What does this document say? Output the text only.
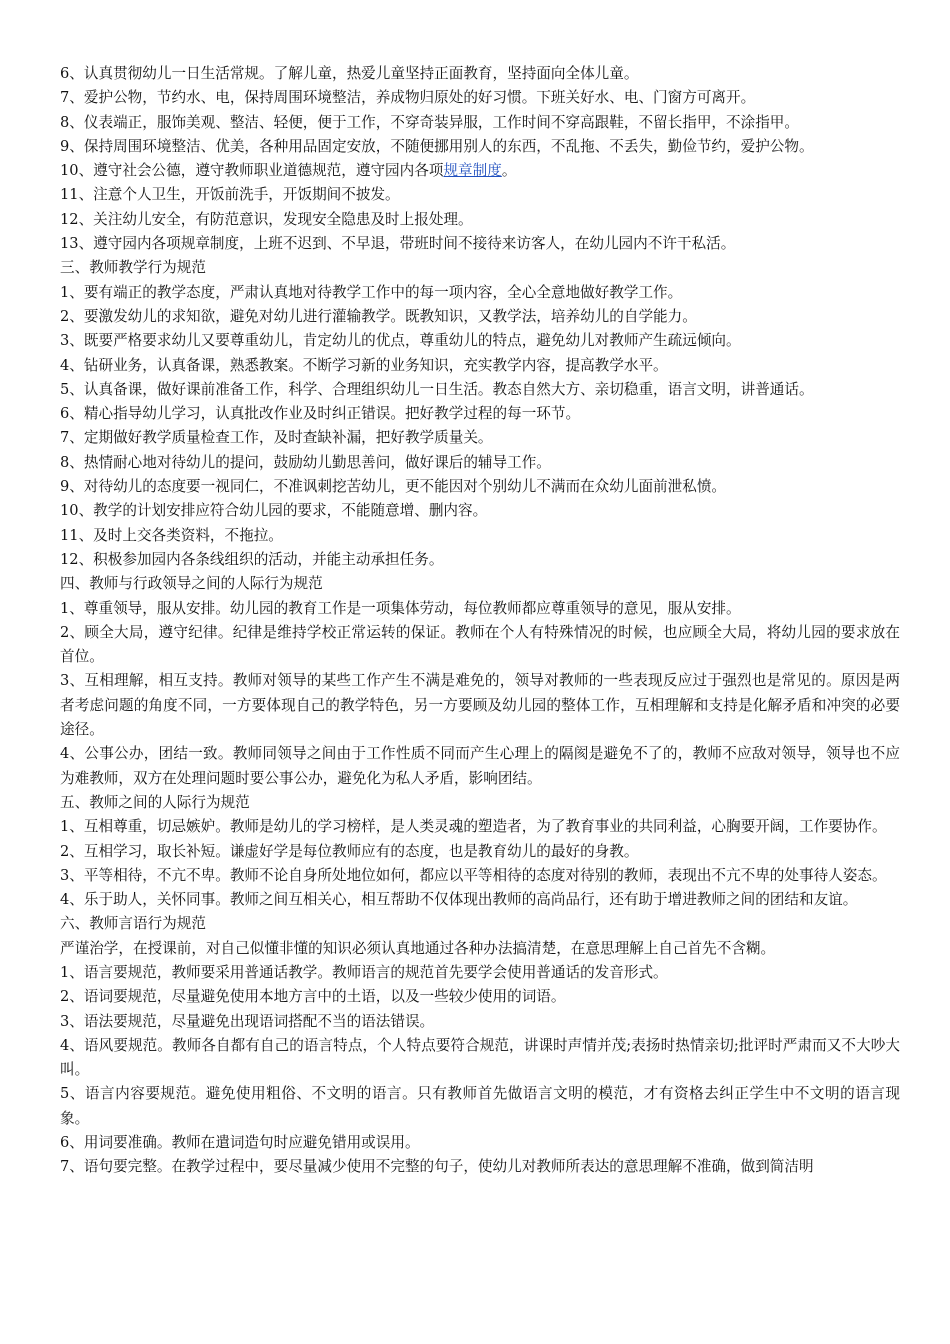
6、认真贯彻幼儿一日生活常规。了解儿童，热爱儿童坚持正面教育，坚持面向全体儿童。

7、爱护公物，节约水、电，保持周围环境整洁，养成物归原处的好习惯。下班关好水、电、门窗方可离开。

8、仪表端正，服饰美观、整洁、轻便，便于工作，不穿奇装异服，工作时间不穿高跟鞋，不留长指甲，不涂指甲。

9、保持周围环境整洁、优美，各种用品固定安放，不随便挪用别人的东西，不乱拖、不丢失，勤俭节约，爱护公物。

10、遵守社会公德，遵守教师职业道德规范，遵守园内各项规章制度。

11、注意个人卫生，开饭前洗手，开饭期间不披发。

12、关注幼儿安全，有防范意识，发现安全隐患及时上报处理。

13、遵守园内各项规章制度，上班不迟到、不早退，带班时间不接待来访客人，在幼儿园内不许干私活。

三、教师教学行为规范

1、要有端正的教学态度，严肃认真地对待教学工作中的每一项内容，全心全意地做好教学工作。

2、要激发幼儿的求知欲，避免对幼儿进行灌输教学。既教知识，又教学法，培养幼儿的自学能力。

3、既要严格要求幼儿又要尊重幼儿，肯定幼儿的优点，尊重幼儿的特点，避免幼儿对教师产生疏远倾向。

4、钻研业务，认真备课，熟悉教案。不断学习新的业务知识，充实教学内容，提高教学水平。

5、认真备课，做好课前准备工作，科学、合理组织幼儿一日生活。教态自然大方、亲切稳重，语言文明，讲普通话。

6、精心指导幼儿学习，认真批改作业及时纠正错误。把好教学过程的每一环节。

7、定期做好教学质量检查工作，及时查缺补漏，把好教学质量关。

8、热情耐心地对待幼儿的提问，鼓励幼儿勤思善问，做好课后的辅导工作。

9、对待幼儿的态度要一视同仁，不准讽刺挖苦幼儿，更不能因对个别幼儿不满而在众幼儿面前泄私愤。

10、教学的计划安排应符合幼儿园的要求，不能随意增、删内容。

11、及时上交各类资料，不拖拉。

12、积极参加园内各条线组织的活动，并能主动承担任务。

四、教师与行政领导之间的人际行为规范

1、尊重领导，服从安排。幼儿园的教育工作是一项集体劳动，每位教师都应尊重领导的意见，服从安排。

2、顾全大局，遵守纪律。纪律是维持学校正常运转的保证。教师在个人有特殊情况的时候，也应顾全大局，将幼儿园的要求放在首位。

3、互相理解，相互支持。教师对领导的某些工作产生不满是难免的，领导对教师的一些表现反应过于强烈也是常见的。原因是两者考虑问题的角度不同，一方要体现自己的教学特色，另一方要顾及幼儿园的整体工作，互相理解和支持是化解矛盾和冲突的必要途径。

4、公事公办，团结一致。教师同领导之间由于工作性质不同而产生心理上的隔阂是避免不了的，教师不应敌对领导，领导也不应为难教师，双方在处理问题时要公事公办，避免化为私人矛盾，影响团结。

五、教师之间的人际行为规范

1、互相尊重，切忌嫉妒。教师是幼儿的学习榜样，是人类灵魂的塑造者，为了教育事业的共同利益，心胸要开阔，工作要协作。

2、互相学习，取长补短。谦虚好学是每位教师应有的态度，也是教育幼儿的最好的身教。

3、平等相待，不亢不卑。教师不论自身所处地位如何，都应以平等相待的态度对待别的教师，表现出不亢不卑的处事待人姿态。

4、乐于助人，关怀同事。教师之间互相关心，相互帮助不仅体现出教师的高尚品行，还有助于增进教师之间的团结和友谊。

六、教师言语行为规范

严谨治学，在授课前，对自己似懂非懂的知识必须认真地通过各种办法搞清楚，在意思理解上自己首先不含糊。

1、语言要规范，教师要采用普通话教学。教师语言的规范首先要学会使用普通话的发音形式。

2、语词要规范，尽量避免使用本地方言中的土语，以及一些较少使用的词语。

3、语法要规范，尽量避免出现语词搭配不当的语法错误。

4、语风要规范。教师各自都有自己的语言特点，个人特点要符合规范，讲课时声情并茂;表扬时热情亲切;批评时严肃而又不大吵大叫。

5、语言内容要规范。避免使用粗俗、不文明的语言。只有教师首先做语言文明的模范，才有资格去纠正学生中不文明的语言现象。

6、用词要准确。教师在遣词造句时应避免错用或误用。

7、语句要完整。在教学过程中，要尽量减少使用不完整的句子，使幼儿对教师所表达的意思理解不准确，做到简洁明
